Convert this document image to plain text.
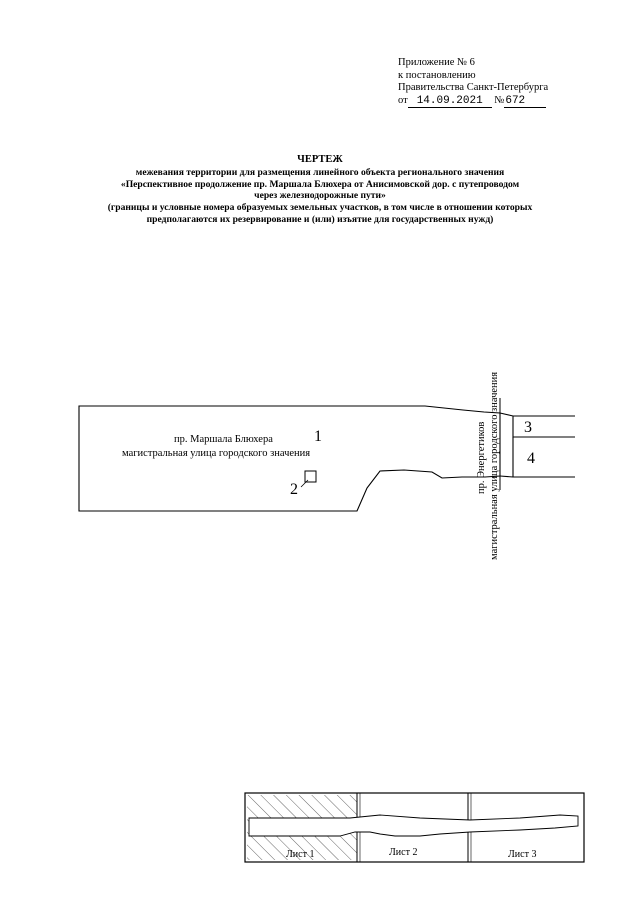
Приложение № 6
к постановлению
Правительства Санкт-Петербурга
от 14.09.2021 №672
ЧЕРТЕЖ
межевания территории для размещения линейного объекта регионального значения
«Перспективное продолжение пр. Маршала Блюхера от Анисимовской дор. с путепроводом
через железнодорожные пути»
(границы и условные номера образуемых земельных участков, в том числе в отношении которых
предполагаются их резервирование и (или) изъятие для государственных нужд)
1
2
3
4
пр. Маршала Блюхера
магистральная улица городского значения	пр. Энергетиков магистральная улица городского значения
Лист 1	Лист 2	Лист 3
